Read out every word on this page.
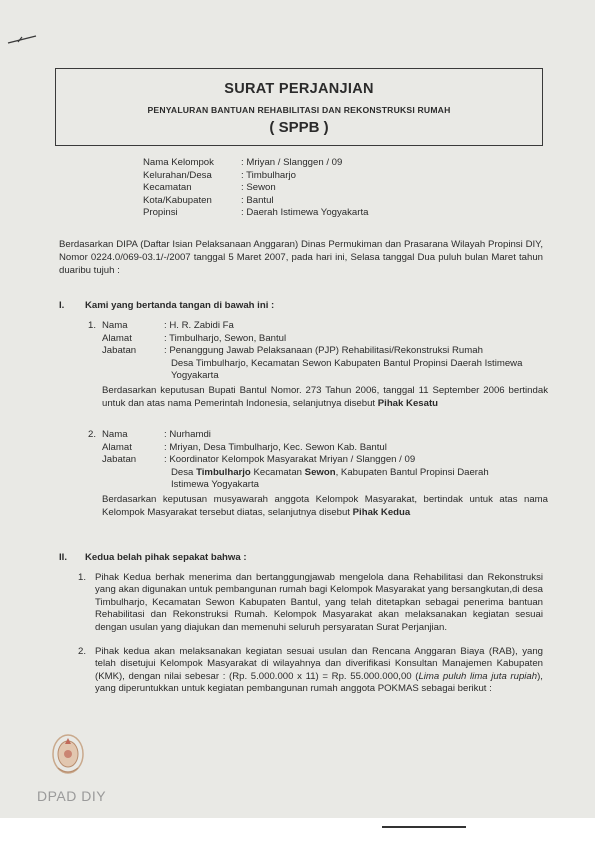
SURAT PERJANJIAN
PENYALURAN BANTUAN REHABILITASI DAN REKONSTRUKSI RUMAH
( SPPB )
Nama Kelompok	: Mriyan / Slanggen / 09
Kelurahan/Desa	: Timbulharjo
Kecamatan	: Sewon
Kota/Kabupaten	: Bantul
Propinsi	: Daerah Istimewa Yogyakarta
Berdasarkan DIPA (Daftar Isian Pelaksanaan Anggaran) Dinas Permukiman dan Prasarana Wilayah Propinsi DIY, Nomor 0224.0/069-03.1/-/2007 tanggal 5 Maret 2007, pada hari ini, Selasa tanggal Dua puluh bulan Maret tahun duaribu tujuh :
I. Kami yang bertanda tangan di bawah ini :
1. Nama	: H. R. Zabidi Fa
Alamat	: Timbulharjo, Sewon, Bantul
Jabatan	: Penanggung Jawab Pelaksanaan (PJP) Rehabilitasi/Rekonstruksi Rumah
Desa Timbulharjo, Kecamatan Sewon Kabupaten Bantul Propinsi Daerah Istimewa
Yogyakarta
Berdasarkan keputusan Bupati Bantul Nomor. 273 Tahun 2006, tanggal 11 September 2006 bertindak untuk dan atas nama Pemerintah Indonesia, selanjutnya disebut Pihak Kesatu
2. Nama	: Nurhamdi
Alamat	: Mriyan, Desa Timbulharjo, Kec. Sewon Kab. Bantul
Jabatan	: Koordinator Kelompok Masyarakat Mriyan / Slanggen / 09
Desa Timbulharjo Kecamatan Sewon, Kabupaten Bantul Propinsi Daerah
Istimewa Yogyakarta
Berdasarkan keputusan musyawarah anggota Kelompok Masyarakat, bertindak untuk atas nama Kelompok Masyarakat tersebut diatas, selanjutnya disebut Pihak Kedua
II. Kedua belah pihak sepakat bahwa :
1. Pihak Kedua berhak menerima dan bertanggungjawab mengelola dana Rehabilitasi dan Rekonstruksi yang akan digunakan untuk pembangunan rumah bagi Kelompok Masyarakat yang bersangkutan,di desa Timbulharjo, Kecamatan Sewon Kabupaten Bantul, yang telah ditetapkan sebagai penerima bantuan Rehabilitasi dan Rekonstruksi Rumah. Kelompok Masyarakat akan melaksanakan kegiatan sesuai dengan usulan yang diajukan dan memenuhi seluruh persyaratan Surat Perjanjian.
2. Pihak kedua akan melaksanakan kegiatan sesuai usulan dan Rencana Anggaran Biaya (RAB), yang telah disetujui Kelompok Masyarakat di wilayahnya dan diverifikasi Konsultan Manajemen Kabupaten (KMK), dengan nilai sebesar : (Rp. 5.000.000 x 11) = Rp. 55.000.000,00 (Lima puluh lima juta rupiah), yang diperuntukkan untuk kegiatan pembangunan rumah anggota POKMAS sebagai berikut :
DPAD DIY
